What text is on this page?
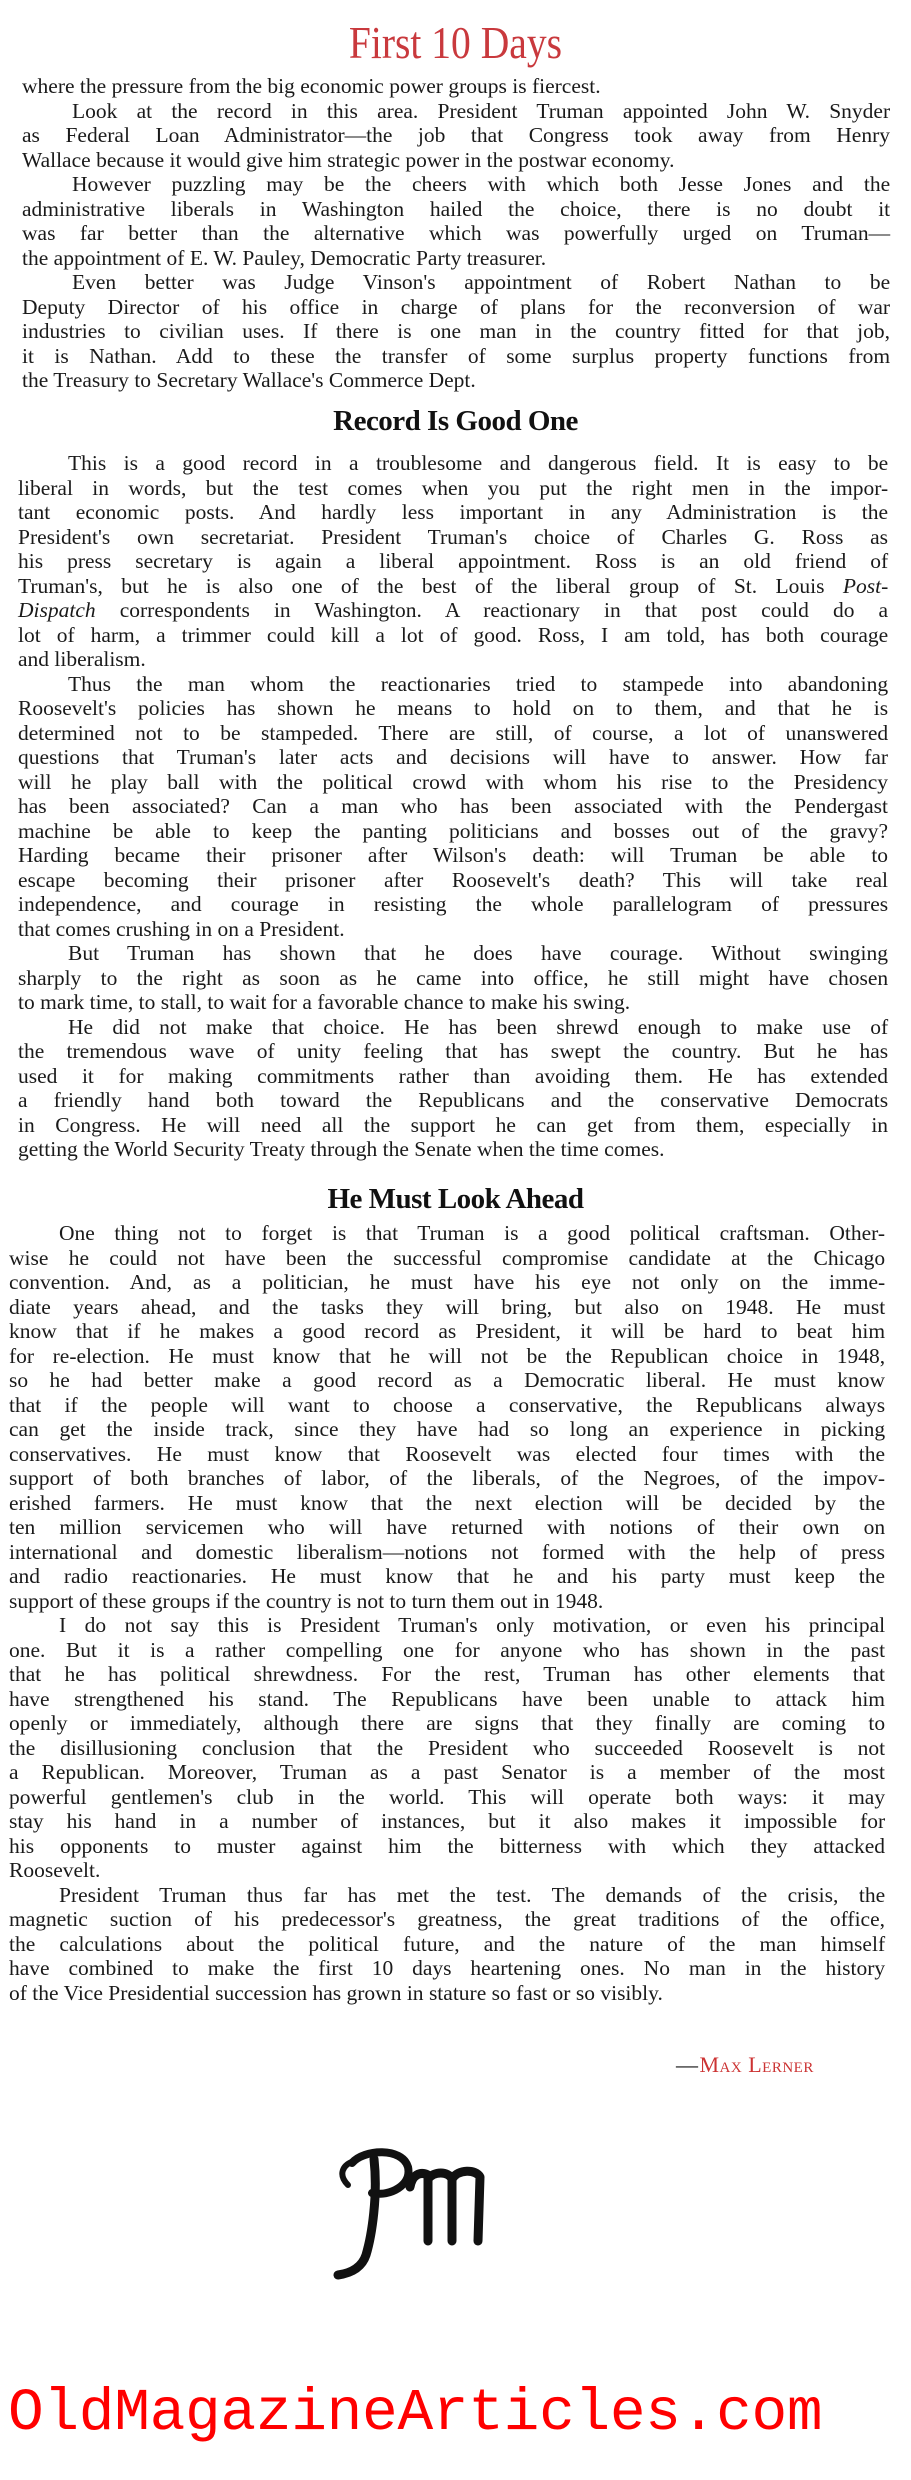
First 10 Days
where the pressure from the big economic power groups is fiercest.
Look at the record in this area. President Truman appointed John W. Snyder
as Federal Loan Administrator—the job that Congress took away from Henry
Wallace because it would give him strategic power in the postwar economy.
However puzzling may be the cheers with which both Jesse Jones and the
administrative liberals in Washington hailed the choice, there is no doubt it
was far better than the alternative which was powerfully urged on Truman—
the appointment of E. W. Pauley, Democratic Party treasurer.
Even better was Judge Vinson's appointment of Robert Nathan to be
Deputy Director of his office in charge of plans for the reconversion of war
industries to civilian uses. If there is one man in the country fitted for that job,
it is Nathan. Add to these the transfer of some surplus property functions from
the Treasury to Secretary Wallace's Commerce Dept.
Record Is Good One
This is a good record in a troublesome and dangerous field. It is easy to be
liberal in words, but the test comes when you put the right men in the impor-
tant economic posts. And hardly less important in any Administration is the
President's own secretariat. President Truman's choice of Charles G. Ross as
his press secretary is again a liberal appointment. Ross is an old friend of
Truman's, but he is also one of the best of the liberal group of St. Louis Post-
Dispatch correspondents in Washington. A reactionary in that post could do a
lot of harm, a trimmer could kill a lot of good. Ross, I am told, has both courage
and liberalism.
Thus the man whom the reactionaries tried to stampede into abandoning
Roosevelt's policies has shown he means to hold on to them, and that he is
determined not to be stampeded. There are still, of course, a lot of unanswered
questions that Truman's later acts and decisions will have to answer. How far
will he play ball with the political crowd with whom his rise to the Presidency
has been associated? Can a man who has been associated with the Pendergast
machine be able to keep the panting politicians and bosses out of the gravy?
Harding became their prisoner after Wilson's death: will Truman be able to
escape becoming their prisoner after Roosevelt's death? This will take real
independence, and courage in resisting the whole parallelogram of pressures
that comes crushing in on a President.
But Truman has shown that he does have courage. Without swinging
sharply to the right as soon as he came into office, he still might have chosen
to mark time, to stall, to wait for a favorable chance to make his swing.
He did not make that choice. He has been shrewd enough to make use of
the tremendous wave of unity feeling that has swept the country. But he has
used it for making commitments rather than avoiding them. He has extended
a friendly hand both toward the Republicans and the conservative Democrats
in Congress. He will need all the support he can get from them, especially in
getting the World Security Treaty through the Senate when the time comes.
He Must Look Ahead
One thing not to forget is that Truman is a good political craftsman. Other-
wise he could not have been the successful compromise candidate at the Chicago
convention. And, as a politician, he must have his eye not only on the imme-
diate years ahead, and the tasks they will bring, but also on 1948. He must
know that if he makes a good record as President, it will be hard to beat him
for re-election. He must know that he will not be the Republican choice in 1948,
so he had better make a good record as a Democratic liberal. He must know
that if the people will want to choose a conservative, the Republicans always
can get the inside track, since they have had so long an experience in picking
conservatives. He must know that Roosevelt was elected four times with the
support of both branches of labor, of the liberals, of the Negroes, of the impov-
erished farmers. He must know that the next election will be decided by the
ten million servicemen who will have returned with notions of their own on
international and domestic liberalism—notions not formed with the help of press
and radio reactionaries. He must know that he and his party must keep the
support of these groups if the country is not to turn them out in 1948.
I do not say this is President Truman's only motivation, or even his principal
one. But it is a rather compelling one for anyone who has shown in the past
that he has political shrewdness. For the rest, Truman has other elements that
have strengthened his stand. The Republicans have been unable to attack him
openly or immediately, although there are signs that they finally are coming to
the disillusioning conclusion that the President who succeeded Roosevelt is not
a Republican. Moreover, Truman as a past Senator is a member of the most
powerful gentlemen's club in the world. This will operate both ways: it may
stay his hand in a number of instances, but it also makes it impossible for
his opponents to muster against him the bitterness with which they attacked
Roosevelt.
President Truman thus far has met the test. The demands of the crisis, the
magnetic suction of his predecessor's greatness, the great traditions of the office,
the calculations about the political future, and the nature of the man himself
have combined to make the first 10 days heartening ones. No man in the history
of the Vice Presidential succession has grown in stature so fast or so visibly.
—Max Lerner
OldMagazineArticles.com
